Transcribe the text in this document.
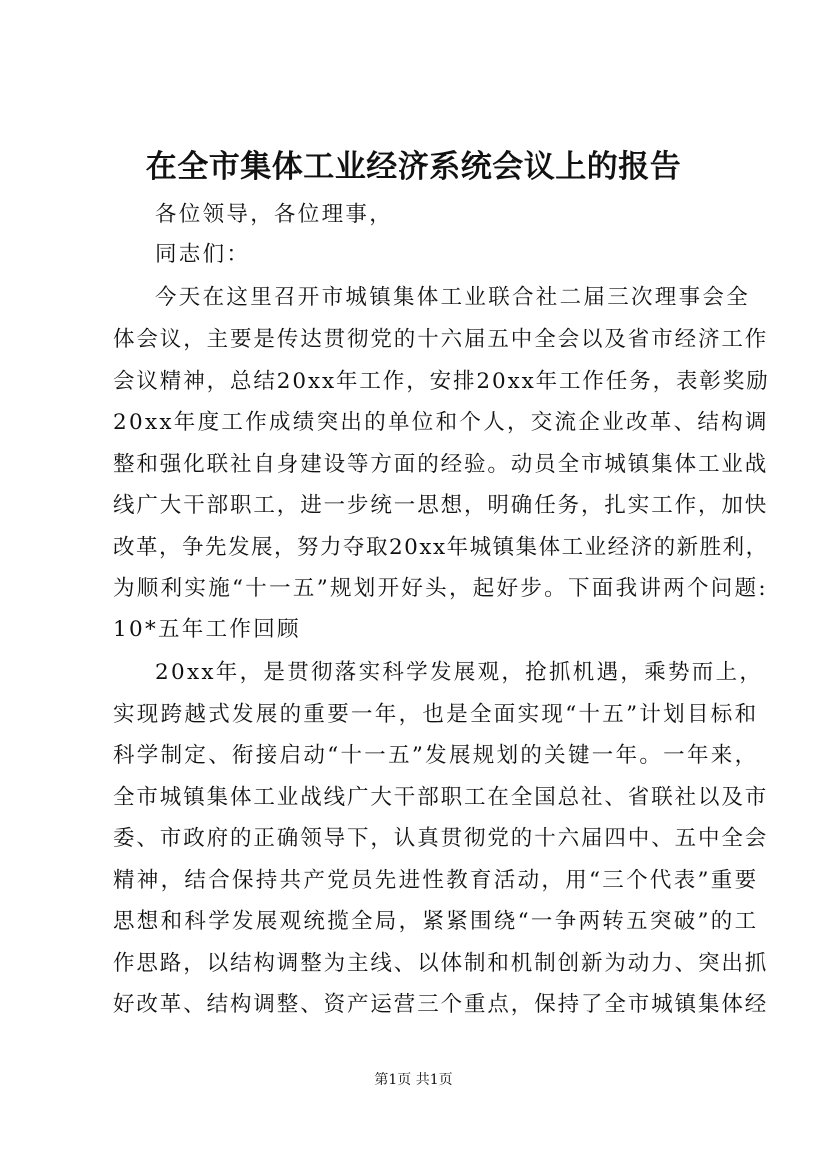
在全市集体工业经济系统会议上的报告
各位领导，各位理事，
同志们：
今天在这里召开市城镇集体工业联合社二届三次理事会全
体会议，主要是传达贯彻党的十六届五中全会以及省市经济工作
会议精神，总结20xx年工作，安排20xx年工作任务，表彰奖励
20xx年度工作成绩突出的单位和个人，交流企业改革、结构调
整和强化联社自身建设等方面的经验。动员全市城镇集体工业战
线广大干部职工，进一步统一思想，明确任务，扎实工作，加快
改革，争先发展，努力夺取20xx年城镇集体工业经济的新胜利，
为顺利实施“十一五”规划开好头，起好步。下面我讲两个问题:
10*五年工作回顾
20xx年，是贯彻落实科学发展观，抢抓机遇，乘势而上，
实现跨越式发展的重要一年，也是全面实现“十五”计划目标和
科学制定、衔接启动“十一五”发展规划的关键一年。一年来，
全市城镇集体工业战线广大干部职工在全国总社、省联社以及市
委、市政府的正确领导下，认真贯彻党的十六届四中、五中全会
精神，结合保持共产党员先进性教育活动，用“三个代表”重要
思想和科学发展观统揽全局，紧紧围绕“一争两转五突破”的工
作思路，以结构调整为主线、以体制和机制创新为动力、突出抓
好改革、结构调整、资产运营三个重点，保持了全市城镇集体经
第1页 共1页
